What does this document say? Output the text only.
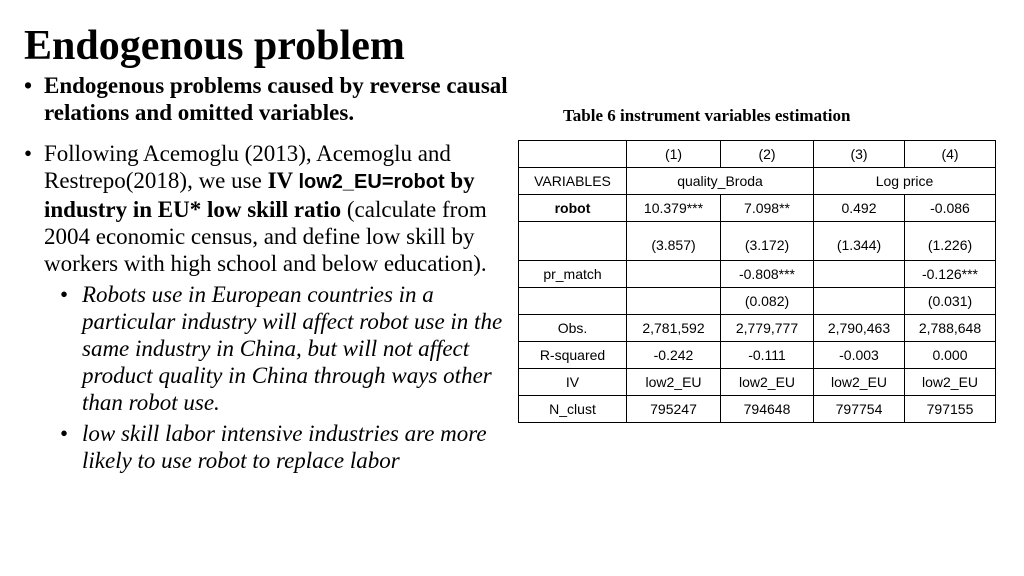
Endogenous problem
• Endogenous problems caused by reverse causal relations and omitted variables.
• Following Acemoglu (2013), Acemoglu and Restrepo(2018), we use IV low2_EU=robot by industry in EU* low skill ratio (calculate from 2004 economic census, and define low skill by workers with high school and below education).
• Robots use in European countries in a particular industry will affect robot use in the same industry in China, but will not affect product quality in China through ways other than robot use.
• low skill labor intensive industries are more likely to use robot to replace labor
Table 6 instrument variables estimation
	(1)	(2)	(3)	(4)
VARIABLES	quality_Broda		Log price	
robot	10.379***	7.098**	0.492	-0.086
	(3.857)	(3.172)	(1.344)	(1.226)
pr_match		-0.808***		-0.126***
		(0.082)		(0.031)
Obs.	2,781,592	2,779,777	2,790,463	2,788,648
R-squared	-0.242	-0.111	-0.003	0.000
IV	low2_EU	low2_EU	low2_EU	low2_EU
N_clust	795247	794648	797754	797155
